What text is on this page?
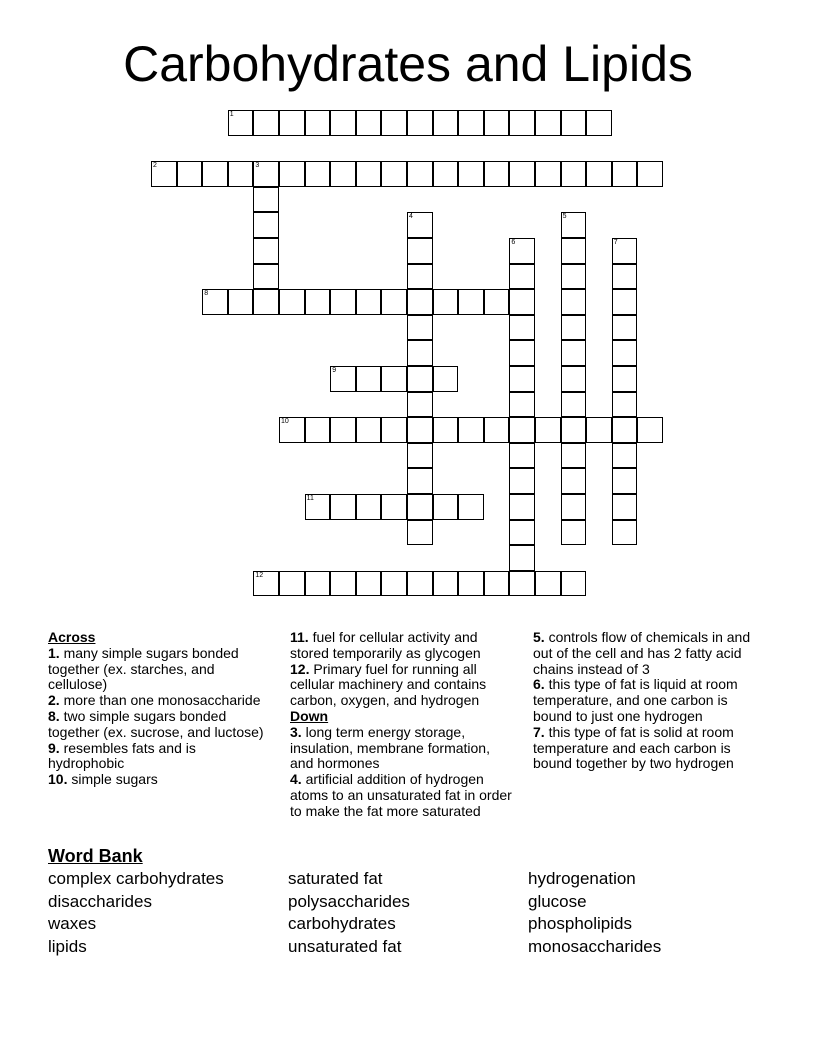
Carbohydrates and Lipids
1
2	3
4	5
6	7
8
9
10
11
12

Across

1. many simple sugars bonded together (ex. starches, and cellulose)

2. more than one monosaccharide

8. two simple sugars bonded together (ex. sucrose, and luctose)

9. resembles fats and is hydrophobic

10. simple sugars

11. fuel for cellular activity and stored temporarily as glycogen

12. Primary fuel for running all cellular machinery and contains carbon, oxygen, and hydrogen

Down

3. long term energy storage, insulation, membrane formation, and hormones

4. artificial addition of hydrogen atoms to an unsaturated fat in order to make the fat more saturated

5. controls flow of chemicals in and out of the cell and has 2 fatty acid chains instead of 3

6. this type of fat is liquid at room temperature, and one carbon is bound to just one hydrogen

7. this type of fat is solid at room temperature and each carbon is bound together by two hydrogen

Word Bank
complex carbohydrates
disaccharides
waxes
lipids
saturated fat
polysaccharides
carbohydrates
unsaturated fat
hydrogenation
glucose
phospholipids
monosaccharides
